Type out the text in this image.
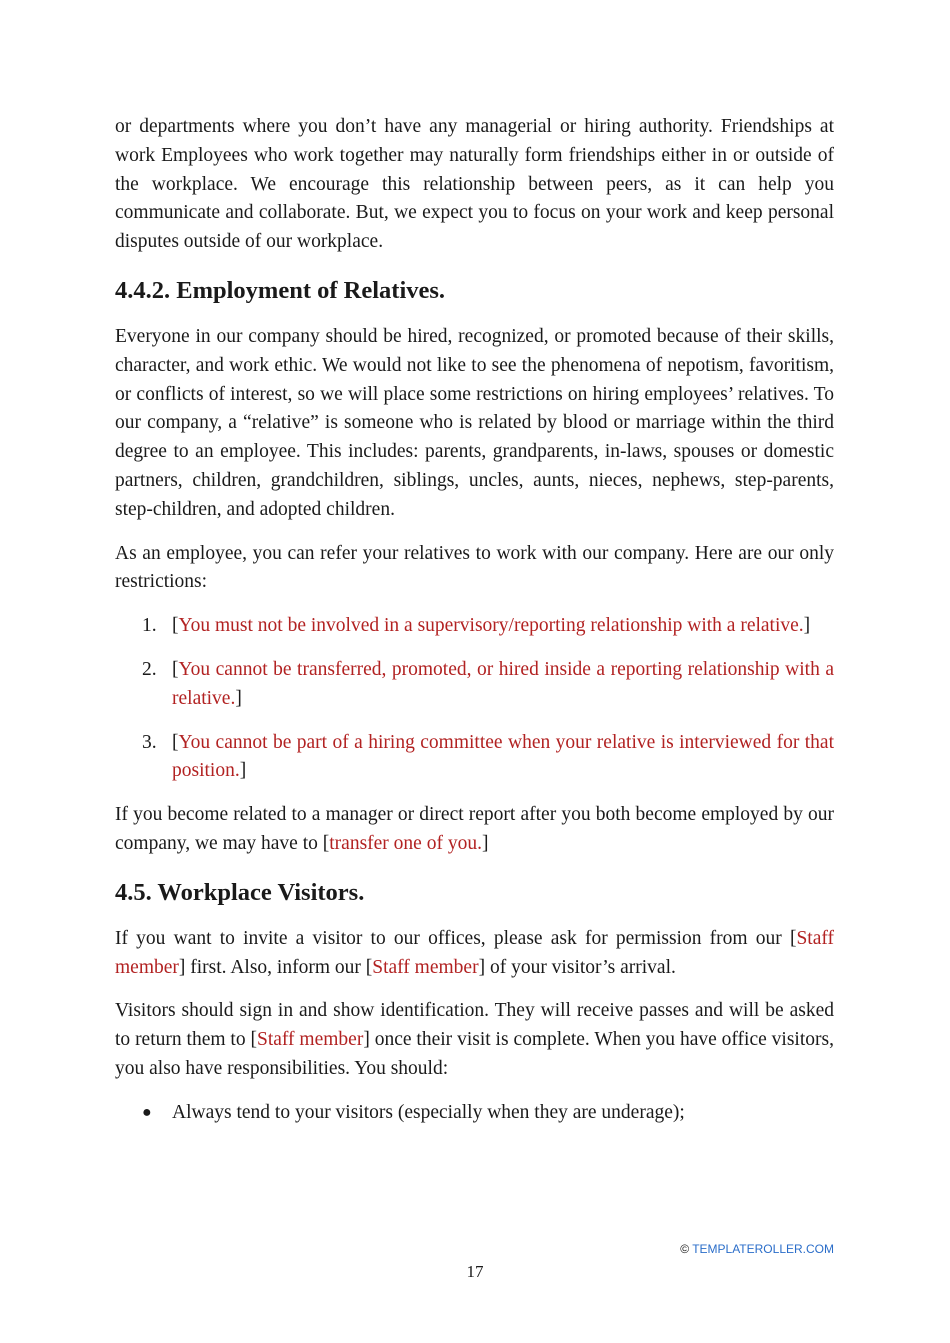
or departments where you don’t have any managerial or hiring authority. Friendships at work Employees who work together may naturally form friendships either in or outside of the workplace. We encourage this relationship between peers, as it can help you communicate and collaborate. But, we expect you to focus on your work and keep personal disputes outside of our workplace.

4.4.2. Employment of Relatives.

Everyone in our company should be hired, recognized, or promoted because of their skills, character, and work ethic. We would not like to see the phenomena of nepotism, favoritism, or conflicts of interest, so we will place some restrictions on hiring employees’ relatives. To our company, a “relative” is someone who is related by blood or marriage within the third degree to an employee. This includes: parents, grandparents, in-laws, spouses or domestic partners, children, grandchildren, siblings, uncles, aunts, nieces, nephews, step-parents, step-children, and adopted children.

As an employee, you can refer your relatives to work with our company. Here are our only restrictions:

1. [You must not be involved in a supervisory/reporting relationship with a relative.]
2. [You cannot be transferred, promoted, or hired inside a reporting relationship with a relative.]
3. [You cannot be part of a hiring committee when your relative is interviewed for that position.]

If you become related to a manager or direct report after you both become employed by our company, we may have to [transfer one of you.]

4.5. Workplace Visitors.

If you want to invite a visitor to our offices, please ask for permission from our [Staff member] first. Also, inform our [Staff member] of your visitor’s arrival.

Visitors should sign in and show identification. They will receive passes and will be asked to return them to [Staff member] once their visit is complete. When you have office visitors, you also have responsibilities. You should:

● Always tend to your visitors (especially when they are underage);
© TEMPLATEROLLER.COM
17
